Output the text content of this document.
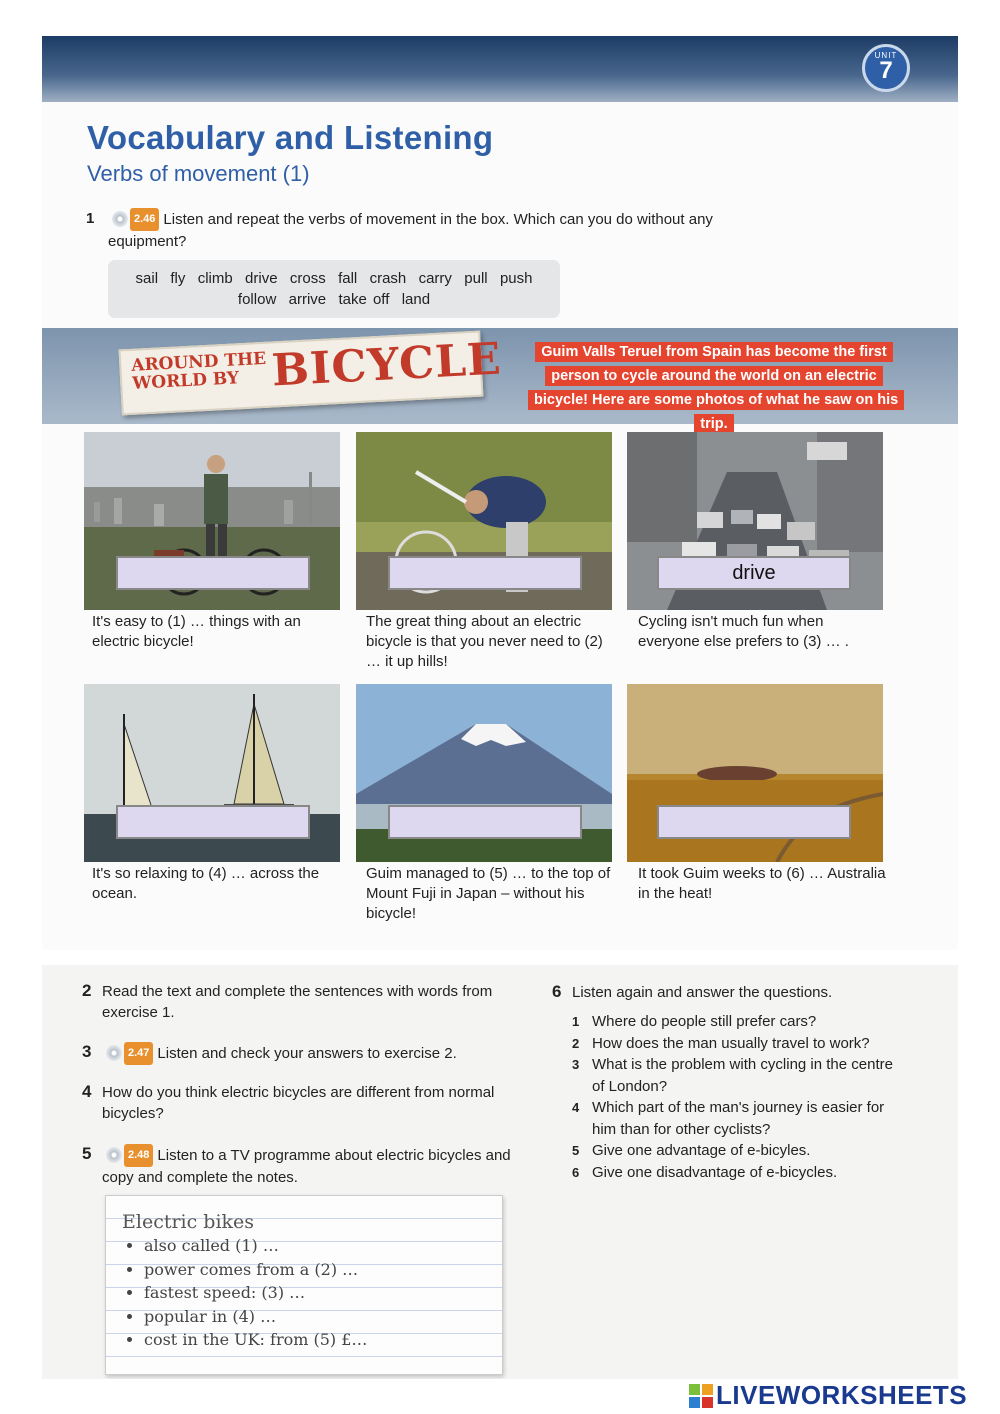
UNIT
7
Vocabulary and Listening
Verbs of movement (1)
1	2.46 Listen and repeat the verbs of movement in the box. Which can you do without any equipment?
sail  fly  climb  drive  cross  fall  crash  carry  pull  push
follow  arrive  take off  land
AROUND THE
WORLD BY BICYCLE	Guim Valls Teruel from Spain has become the first person to cycle around the world on an electric bicycle! Here are some photos of what he saw on his trip.
It's easy to (1) … things with an electric bicycle!
The great thing about an electric bicycle is that you never need to (2) … it up hills!
drive
Cycling isn't much fun when everyone else prefers to (3) … .
It's so relaxing to (4) … across the ocean.
Guim managed to (5) … to the top of Mount Fuji in Japan – without his bicycle!
It took Guim weeks to (6) … Australia in the heat!
2 Read the text and complete the sentences with words from exercise 1.
3	2.47 Listen and check your answers to exercise 2.
4 How do you think electric bicycles are different from normal bicycles?
5	2.48 Listen to a TV programme about electric bicycles and copy and complete the notes.
Electric bikes
• also called (1) …
• power comes from a (2) …
• fastest speed: (3) …
• popular in (4) …
• cost in the UK: from (5) £…
6 Listen again and answer the questions.
1 Where do people still prefer cars?
2 How does the man usually travel to work?
3 What is the problem with cycling in the centre of London?
4 Which part of the man's journey is easier for him than for other cyclists?
5 Give one advantage of e-bicyles.
6 Give one disadvantage of e-bicycles.
LIVEWORKSHEETS
